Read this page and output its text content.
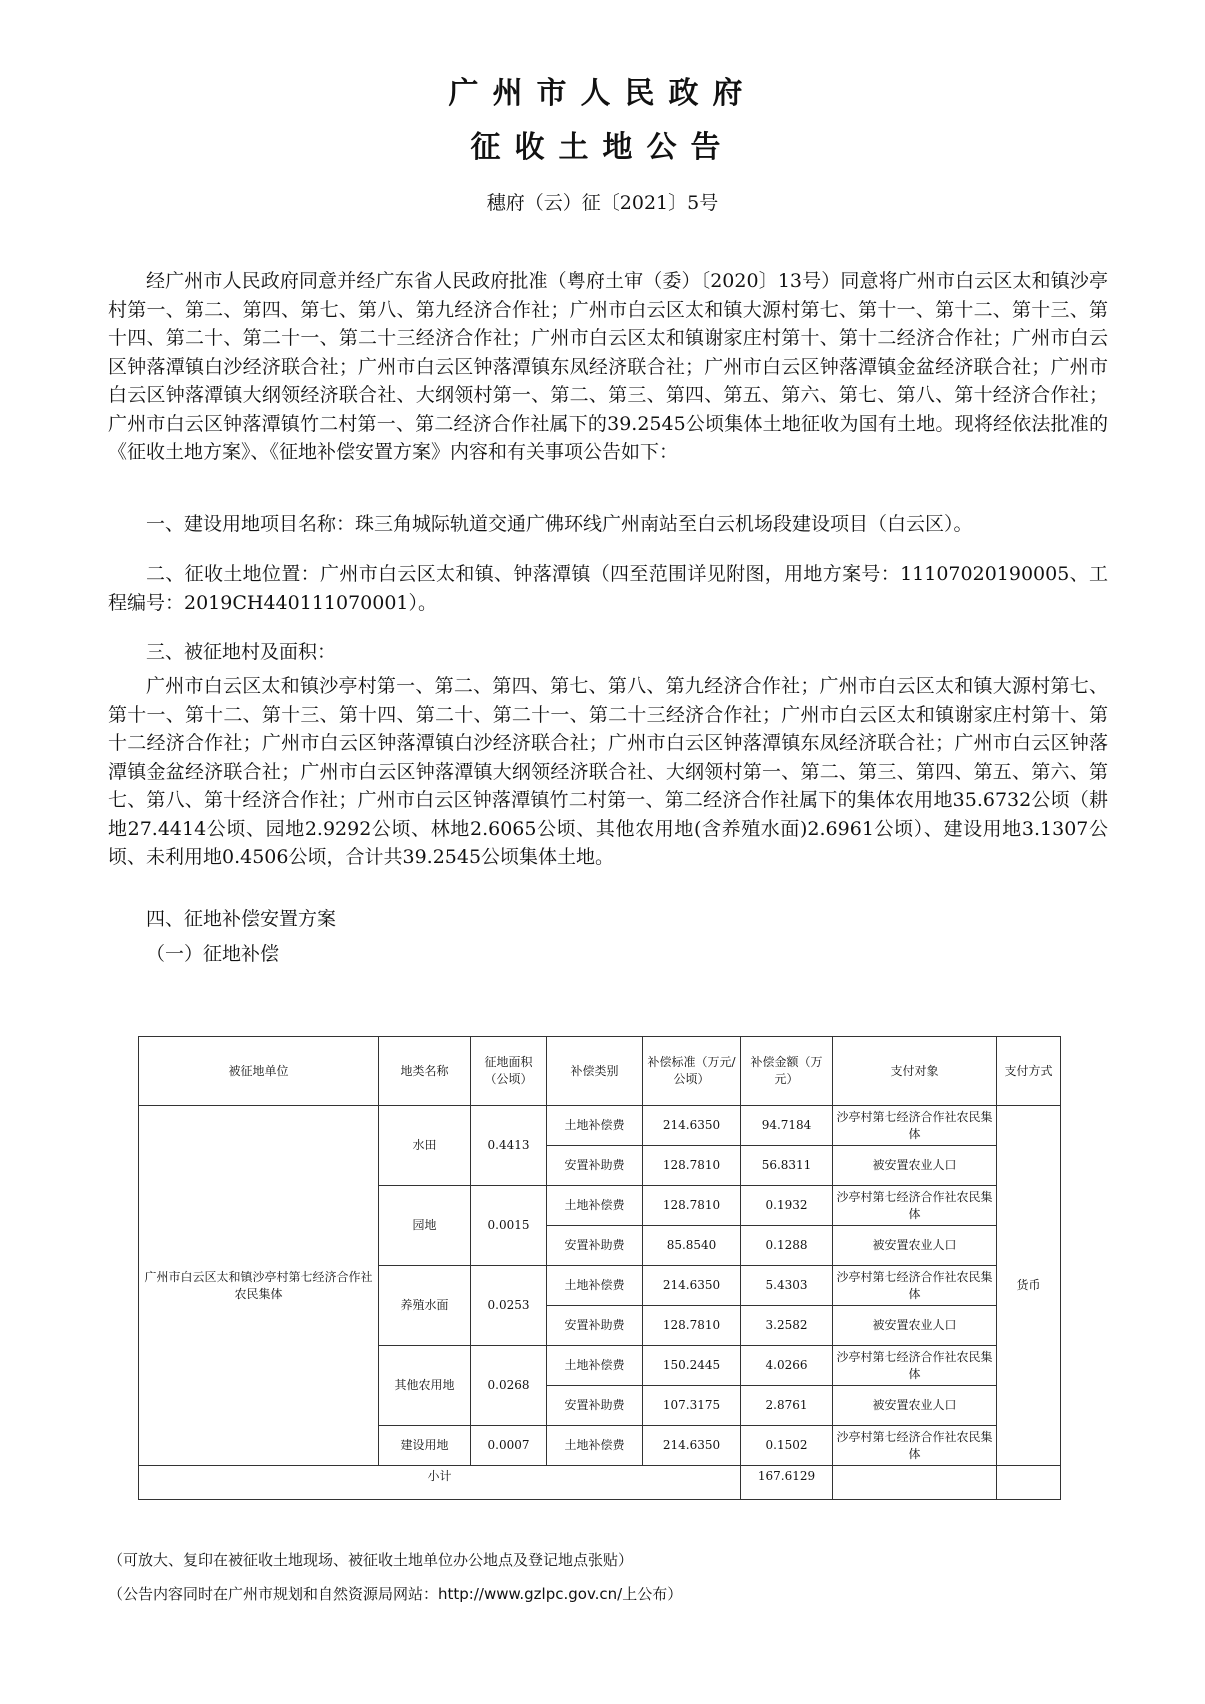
广州市人民政府
征收土地公告
穗府（云）征〔2021〕5号

经广州市人民政府同意并经广东省人民政府批准（粤府土审（委）〔2020〕13号）同意将广州市白云区太和镇沙亭村第一、第二、第四、第七、第八、第九经济合作社；广州市白云区太和镇大源村第七、第十一、第十二、第十三、第十四、第二十、第二十一、第二十三经济合作社；广州市白云区太和镇谢家庄村第十、第十二经济合作社；广州市白云区钟落潭镇白沙经济联合社；广州市白云区钟落潭镇东凤经济联合社；广州市白云区钟落潭镇金盆经济联合社；广州市白云区钟落潭镇大纲领经济联合社、大纲领村第一、第二、第三、第四、第五、第六、第七、第八、第十经济合作社；广州市白云区钟落潭镇竹二村第一、第二经济合作社属下的39.2545公顷集体土地征收为国有土地。现将经依法批准的《征收土地方案》、《征地补偿安置方案》内容和有关事项公告如下：

一、建设用地项目名称：珠三角城际轨道交通广佛环线广州南站至白云机场段建设项目（白云区）。

二、征收土地位置：广州市白云区太和镇、钟落潭镇（四至范围详见附图，用地方案号：11107020190005、工程编号：2019CH440111070001）。

三、被征地村及面积：

广州市白云区太和镇沙亭村第一、第二、第四、第七、第八、第九经济合作社；广州市白云区太和镇大源村第七、第十一、第十二、第十三、第十四、第二十、第二十一、第二十三经济合作社；广州市白云区太和镇谢家庄村第十、第十二经济合作社；广州市白云区钟落潭镇白沙经济联合社；广州市白云区钟落潭镇东凤经济联合社；广州市白云区钟落潭镇金盆经济联合社；广州市白云区钟落潭镇大纲领经济联合社、大纲领村第一、第二、第三、第四、第五、第六、第七、第八、第十经济合作社；广州市白云区钟落潭镇竹二村第一、第二经济合作社属下的集体农用地35.6732公顷（耕地27.4414公顷、园地2.9292公顷、林地2.6065公顷、其他农用地(含养殖水面)2.6961公顷）、建设用地3.1307公顷、未利用地0.4506公顷，合计共39.2545公顷集体土地。

四、征地补偿安置方案

（一）征地补偿

被征地单位	地类名称	征地面积（公顷）	补偿类别	补偿标准（万元/公顷）	补偿金额（万元）	支付对象	支付方式
广州市白云区太和镇沙亭村第七经济合作社农民集体	水田	0.4413	土地补偿费	214.6350	94.7184	沙亭村第七经济合作社农民集体	货币
			安置补助费	128.7810	56.8311	被安置农业人口	
	园地	0.0015	土地补偿费	128.7810	0.1932	沙亭村第七经济合作社农民集体	
			安置补助费	85.8540	0.1288	被安置农业人口	
	养殖水面	0.0253	土地补偿费	214.6350	5.4303	沙亭村第七经济合作社农民集体	
			安置补助费	128.7810	3.2582	被安置农业人口	
	其他农用地	0.0268	土地补偿费	150.2445	4.0266	沙亭村第七经济合作社农民集体	
			安置补助费	107.3175	2.8761	被安置农业人口	
	建设用地	0.0007	土地补偿费	214.6350	0.1502	沙亭村第七经济合作社农民集体	
小计					167.6129		
（可放大、复印在被征收土地现场、被征收土地单位办公地点及登记地点张贴）
（公告内容同时在广州市规划和自然资源局网站：http://www.gzlpc.gov.cn/上公布）
